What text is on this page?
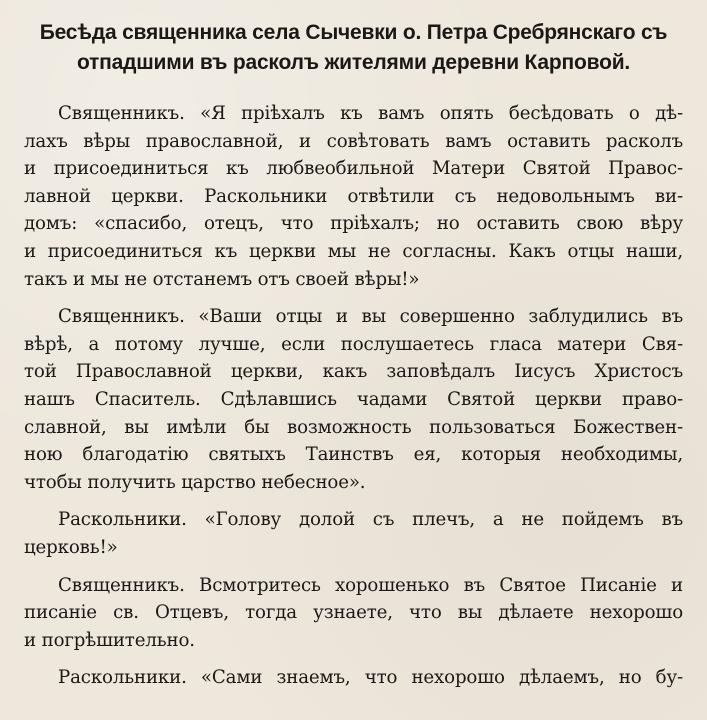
Бесѣда священника села Сычевки о. Петра Сребрянскаго съ
отпадшими въ расколъ жителями деревни Карповой.

Священникъ. «Я пріѣхалъ къ вамъ опять бесѣдовать о дѣ-
лахъ вѣры православной, и совѣтовать вамъ оставить расколъ
и присоединиться къ любвеобильной Матери Святой Правос-
лавной церкви. Раскольники отвѣтили съ недовольнымъ ви-
домъ: «спасибо, отецъ, что пріѣхалъ; но оставить свою вѣру
и присоединиться къ церкви мы не согласны. Какъ отцы наши,
такъ и мы не отстанемъ отъ своей вѣры!»

Священникъ. «Ваши отцы и вы совершенно заблудились въ
вѣрѣ, а потому лучше, если послушаетесь гласа матери Свя-
той Православной церкви, какъ заповѣдалъ Іисусъ Христосъ
нашъ Спаситель. Сдѣлавшись чадами Святой церкви право-
славной, вы имѣли бы возможность пользоваться Божествен-
ною благодатію святыхъ Таинствъ ея, которыя необходимы,
чтобы получить царство небесное».

Раскольники. «Голову долой съ плечъ, а не пойдемъ въ
церковь!»

Священникъ. Всмотритесь хорошенько въ Святое Писаніе и
писаніе св. Отцевъ, тогда узнаете, что вы дѣлаете нехорошо
и погрѣшительно.

Раскольники. «Сами знаемъ, что нехорошо дѣлаемъ, но бу-
